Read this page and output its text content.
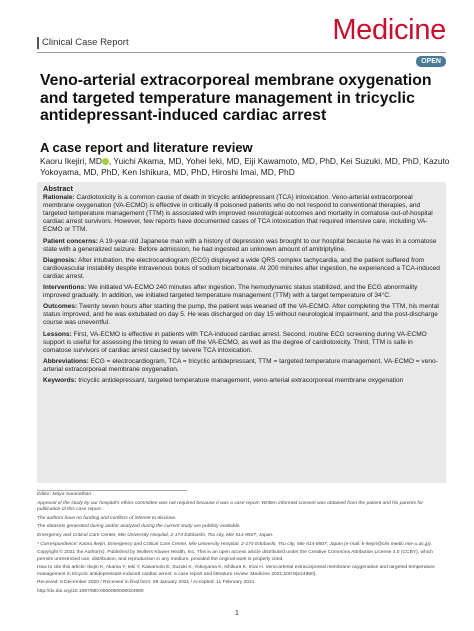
Clinical Case Report	Medicine
OPEN
Veno-arterial extracorporeal membrane oxygenation and targeted temperature management in tricyclic antidepressant-induced cardiac arrest
A case report and literature review
Kaoru Ikejiri, MD , Yuichi Akama, MD, Yohei Ieki, MD, Eiji Kawamoto, MD, PhD, Kei Suzuki, MD, PhD, Kazuto Yokoyama, MD, PhD, Ken Ishikura, MD, PhD, Hiroshi Imai, MD, PhD
Abstract

Rationale: Cardiotoxicity is a common cause of death in tricyclic antidepressant (TCA) intoxication. Veno-arterial extracorporeal membrane oxygenation (VA-ECMO) is effective in critically ill poisoned patients who do not respond to conventional therapies, and targeted temperature management (TTM) is associated with improved neurological outcomes and mortality in comatose out-of-hospital cardiac arrest survivors. However, few reports have documented cases of TCA intoxication that required intensive care, including VA-ECMO or TTM.

Patient concerns: A 19-year-old Japanese man with a history of depression was brought to our hospital because he was in a comatose state with a generalized seizure. Before admission, he had ingested an unknown amount of amitriptyline.

Diagnosis: After intubation, the electrocardiogram (ECG) displayed a wide QRS complex tachycardia, and the patient suffered from cardiovascular instability despite intravenous bolus of sodium bicarbonate. At 200 minutes after ingestion, he experienced a TCA-induced cardiac arrest.

Interventions: We initiated VA-ECMO 240 minutes after ingestion. The hemodynamic status stabilized, and the ECG abnormality improved gradually. In addition, we initiated targeted temperature management (TTM) with a target temperature of 34°C.

Outcomes: Twenty seven hours after starting the pump, the patient was weaned off the VA-ECMO. After completing the TTM, his mental status improved, and he was extubated on day 5. He was discharged on day 15 without neurological impairment, and the post-discharge course was uneventful.

Lessons: First, VA-ECMO is effective in patients with TCA-induced cardiac arrest. Second, routine ECG screening during VA-ECMO support is useful for assessing the timing to wean off the VA-ECMO, as well as the degree of cardiotoxicity. Third, TTM is safe in comatose survivors of cardiac arrest caused by severe TCA intoxication.

Abbreviations: ECG = electrocardiogram, TCA = tricyclic antidepressant, TTM = targeted temperature management, VA-ECMO = veno-arterial extracorporeal membrane oxygenation.

Keywords: tricyclic antidepressant, targeted temperature management, veno-arterial extracorporeal membrane oxygenation

Editor: Maya Saranathan.

Approval of the study by our hospital's ethics committee was not required because it was a case report. Written informed consent was obtained from the patient and his parents for publication of this case report.

The authors have no funding and conflicts of interest to disclose.

The datasets generated during and/or analyzed during the current study are publicly available.

Emergency and Critical Care Center, Mie University Hospital, 2-174 Edobashi, Tsu city, Mie 514-8507, Japan.

* Correspondence: Kaoru Ikejiri, Emergency and Critical Care Center, Mie University Hospital, 2-174 Edobashi, Tsu city, Mie 514-8507, Japan (e-mail: k-ikejiri@clin.medic.mie-u.ac.jp).

Copyright © 2021 the Author(s). Published by Wolters Kluwer Health, Inc. This is an open access article distributed under the Creative Commons Attribution License 4.0 (CCBY), which permits unrestricted use, distribution, and reproduction in any medium, provided the original work is properly cited.

How to cite this article: Ikejiri K, Akama Y, Ieki Y, Kawamoto E, Suzuki K, Yokoyama K, Ishikura K, Imai H. Veno-arterial extracorporeal membrane oxygenation and targeted temperature management in tricyclic antidepressant-induced cardiac arrest: a case report and literature review. Medicine 2021;100:8(e24980).

Received: 9 December 2020 / Received in final form: 29 January 2021 / Accepted: 11 February 2021

http://dx.doi.org/10.1097/MD.0000000000024980

1
